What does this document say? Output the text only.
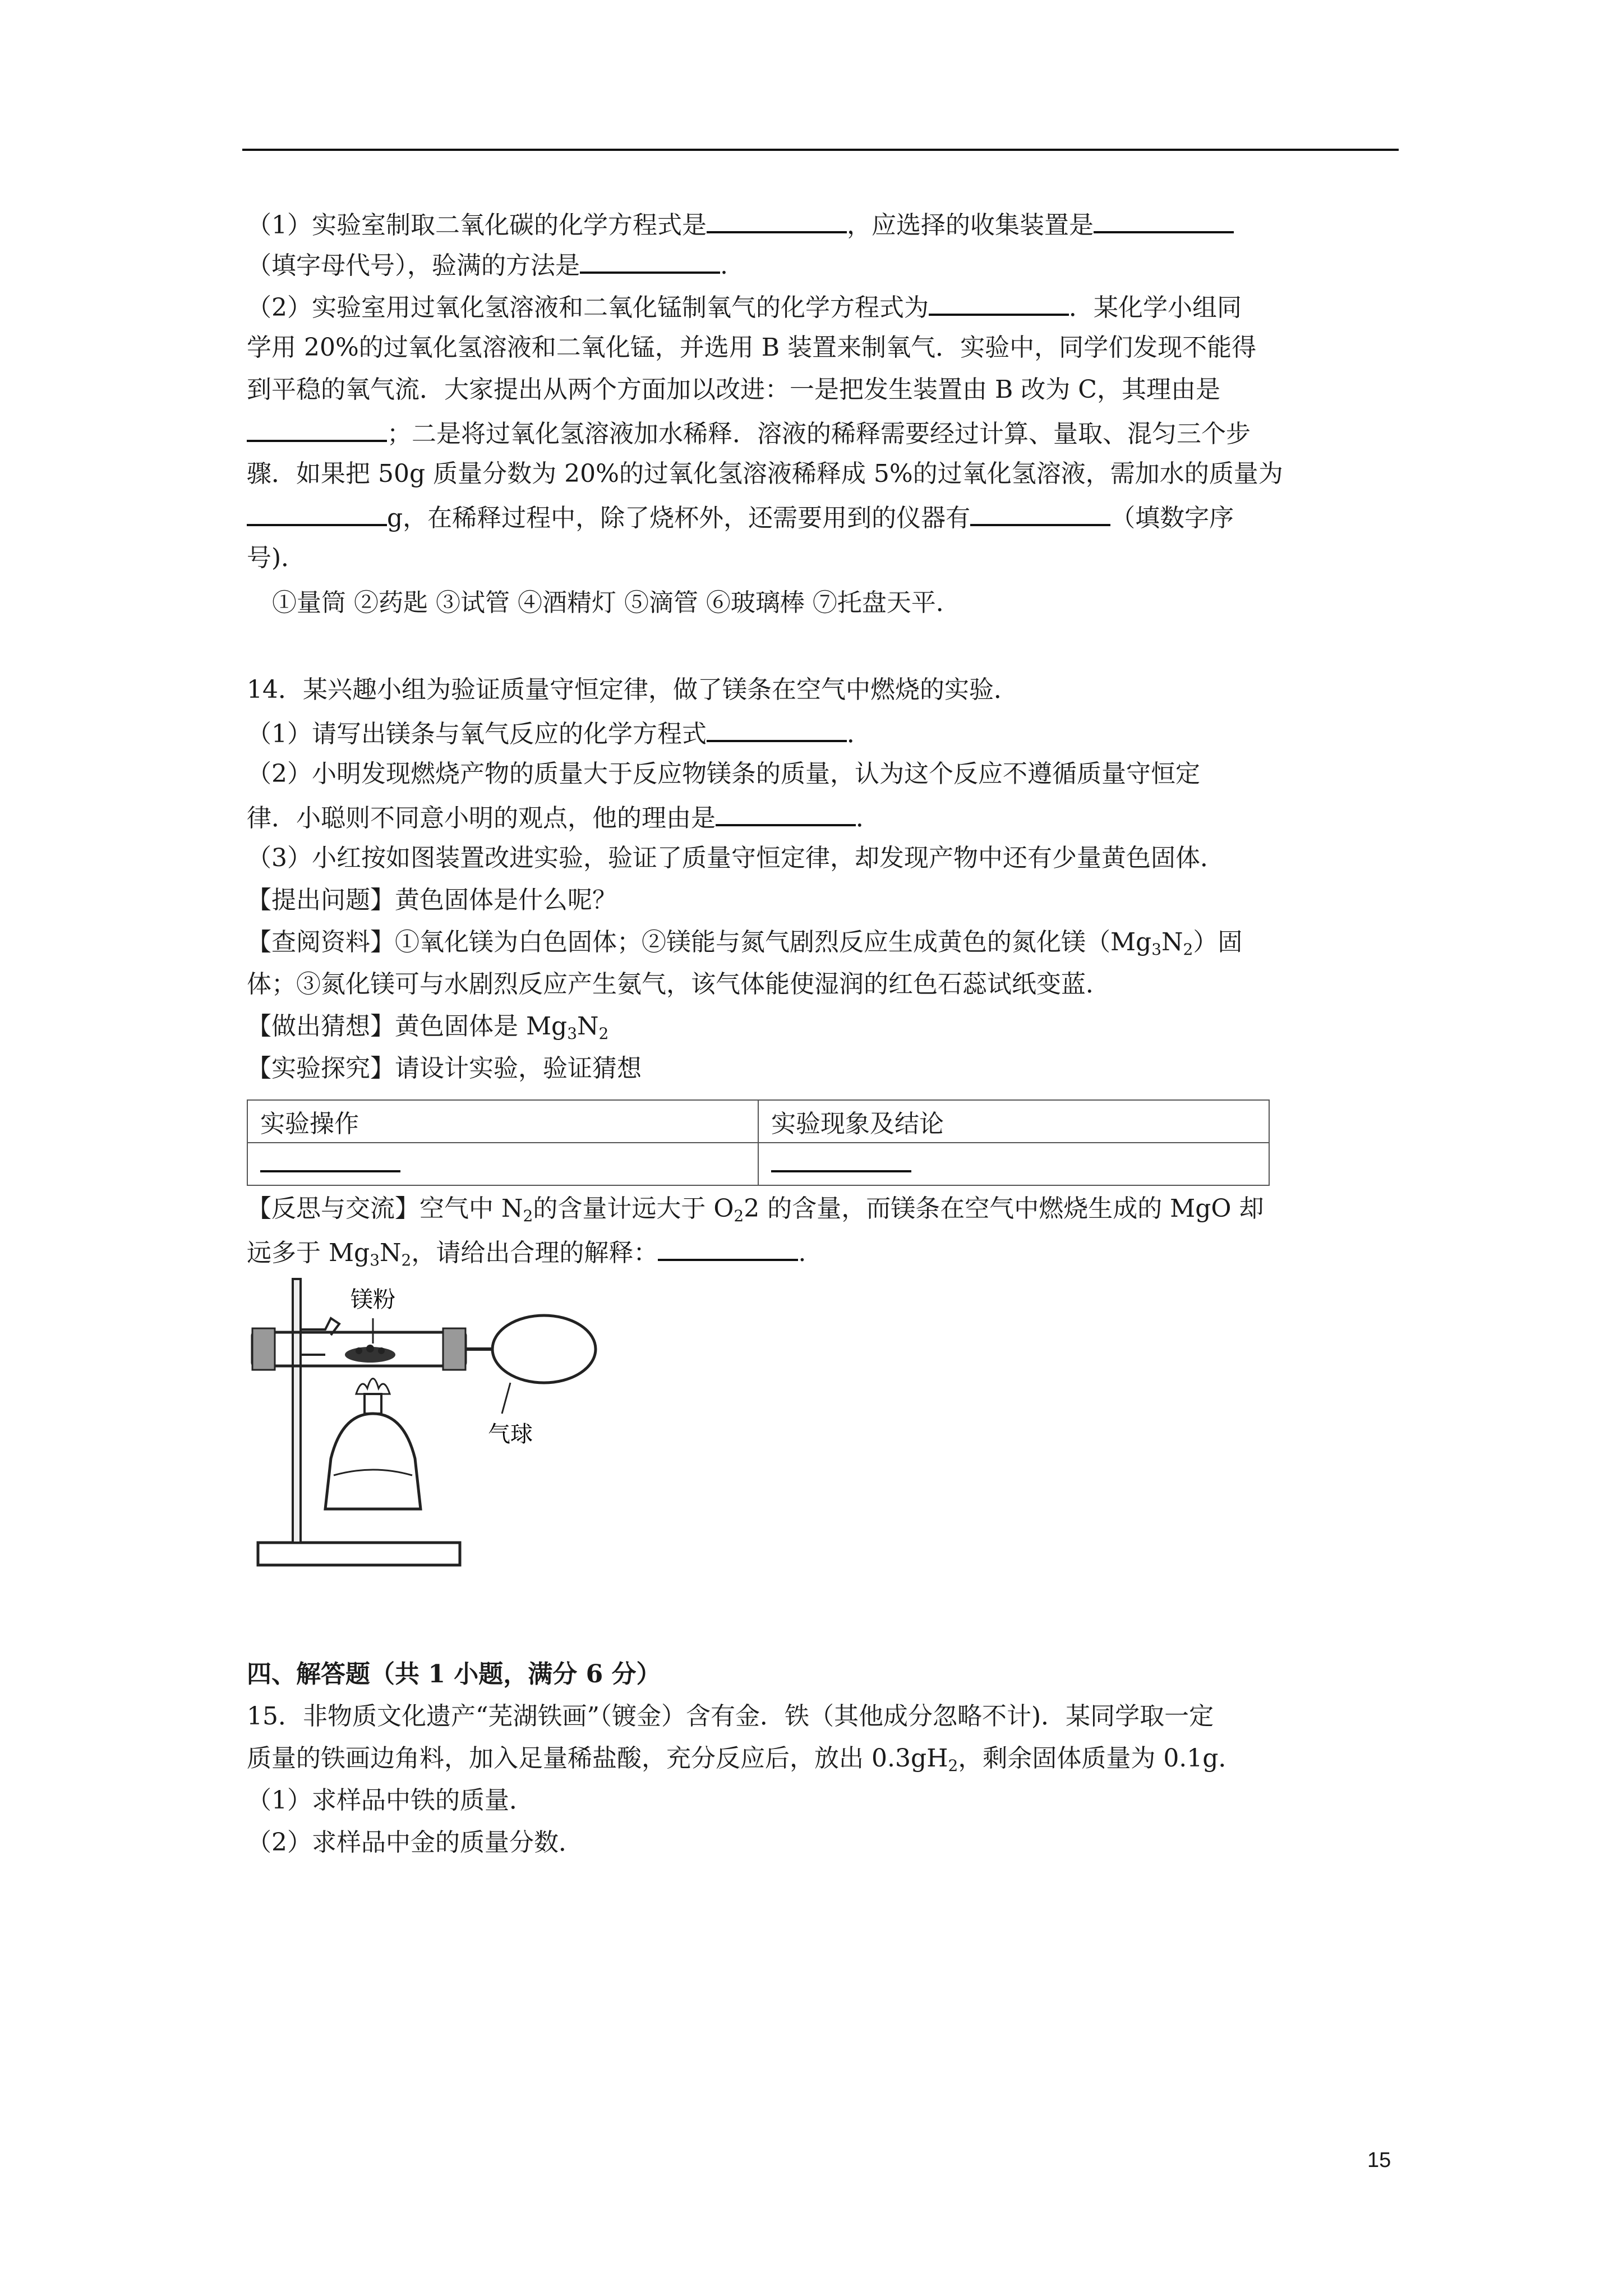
（1）实验室制取二氧化碳的化学方程式是	，应选择的收集装置是
（填字母代号），验满的方法是	.
（2）实验室用过氧化氢溶液和二氧化锰制氧气的化学方程式为	．某化学小组同
学用 20%的过氧化氢溶液和二氧化锰，并选用 B 装置来制氧气．实验中，同学们发现不能得
到平稳的氧气流．大家提出从两个方面加以改进：一是把发生装置由 B 改为 C，其理由是
；二是将过氧化氢溶液加水稀释．溶液的稀释需要经过计算、量取、混匀三个步
骤．如果把 50g 质量分数为 20%的过氧化氢溶液稀释成 5%的过氧化氢溶液，需加水的质量为
g，在稀释过程中，除了烧杯外，还需要用到的仪器有	（填数字序
号)．
①量筒 ②药匙 ③试管 ④酒精灯 ⑤滴管 ⑥玻璃棒 ⑦托盘天平．
14．某兴趣小组为验证质量守恒定律，做了镁条在空气中燃烧的实验．
（1）请写出镁条与氧气反应的化学方程式	．
（2）小明发现燃烧产物的质量大于反应物镁条的质量，认为这个反应不遵循质量守恒定
律．小聪则不同意小明的观点，他的理由是	．
（3）小红按如图装置改进实验，验证了质量守恒定律，却发现产物中还有少量黄色固体．
【提出问题】黄色固体是什么呢？
【查阅资料】①氧化镁为白色固体；②镁能与氮气剧烈反应生成黄色的氮化镁$(Mg_3N_2)$固
体；③氮化镁可与水剧烈反应产生氨气，该气体能使湿润的红色石蕊试纸变蓝．
【做出猜想】黄色固体是 $Mg_3N_2$
【实验探究】请设计实验，验证猜想
实验操作	实验现象及结论

【反思与交流】空气中 $N_2$的含量计远大于 $O_22$ 的含量，而镁条在空气中燃烧生成的 MgO 却
远多于 $Mg_3N_2$，请给出合理的解释：	.
镁粉
气球
四、解答题（共 1 小题，满分 6 分）
15．非物质文化遗产“芜湖铁画”（镀金）含有金．铁（其他成分忽略不计)．某同学取一定
质量的铁画边角料，加入足量稀盐酸，充分反应后，放出 $0.3gH_2$，剩余固体质量为 0.1g．
（1）求样品中铁的质量．
（2）求样品中金的质量分数．
15
